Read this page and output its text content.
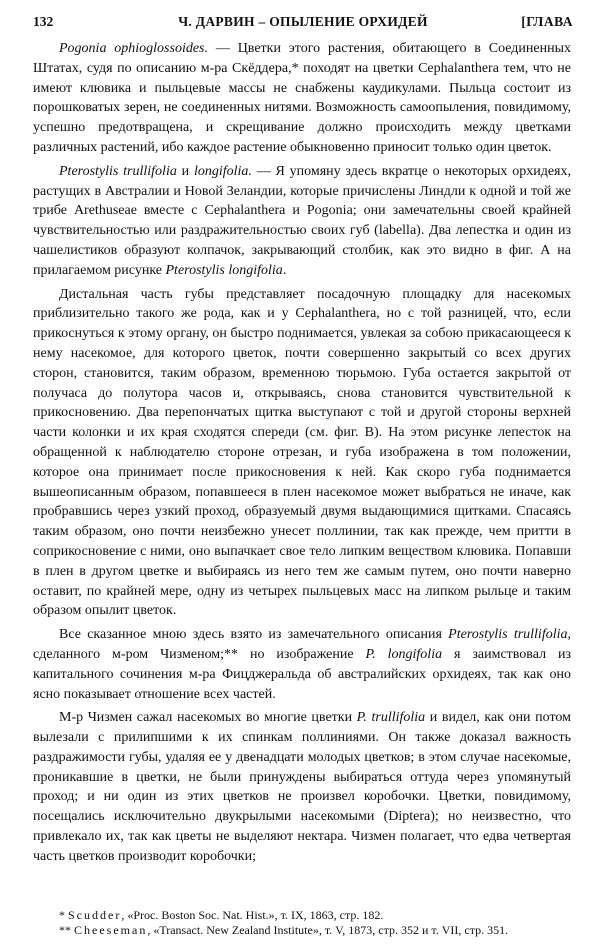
132	Ч. ДАРВИН – ОПЫЛЕНИЕ ОРХИДЕЙ	[ГЛАВА

Pogonia ophioglossoides. — Цветки этого растения, обитающего в Соединенных Штатах, судя по описанию м-ра Скёддера,* походят на цветки Cephalanthera тем, что не имеют клювика и пыльцевые массы не снабжены каудикулами. Пыльца состоит из порошковатых зерен, не соединенных нитями. Возможность самоопыления, повидимому, успешно предотвращена, и скрещивание должно происходить между цветками различных растений, ибо каждое растение обыкновенно приносит только один цветок.

Pterostylis trullifolia и longifolia. — Я упомяну здесь вкратце о некоторых орхидеях, растущих в Австралии и Новой Зеландии, которые причислены Линдли к одной и той же трибе Arethuseae вместе с Cephalanthera и Pogonia; они замечательны своей крайней чувствительностью или раздражительностью своих губ (labella). Два лепестка и один из чашелистиков образуют колпачок, закрывающий столбик, как это видно в фиг. А на прилагаемом рисунке Pterostylis longifolia.

Дистальная часть губы представляет посадочную площадку для насекомых приблизительно такого же рода, как и у Cephalanthera, но с той разницей, что, если прикоснуться к этому органу, он быстро поднимается, увлекая за собою прикасающееся к нему насекомое, для которого цветок, почти совершенно закрытый со всех других сторон, становится, таким образом, временною тюрьмою. Губа остается закрытой от получаса до полутора часов и, открываясь, снова становится чувствительной к прикосновению. Два перепончатых щитка выступают с той и другой стороны верхней части колонки и их края сходятся спереди (см. фиг. В). На этом рисунке лепесток на обращенной к наблюдателю стороне отрезан, и губа изображена в том положении, которое она принимает после прикосновения к ней. Как скоро губа поднимается вышеописанным образом, попавшееся в плен насекомое может выбраться не иначе, как пробравшись через узкий проход, образуемый двумя выдающимися щитками. Спасаясь таким образом, оно почти неизбежно унесет поллинии, так как прежде, чем притти в соприкосновение с ними, оно выпачкает свое тело липким веществом клювика. Попавши в плен в другом цветке и выбираясь из него тем же самым путем, оно почти наверно оставит, по крайней мере, одну из четырех пыльцевых масс на липком рыльце и таким образом опылит цветок.

Все сказанное мною здесь взято из замечательного описания Pterostylis trullifolia, сделанного м-ром Чизменом;** но изображение P. longifolia я заимствовал из капитального сочинения м-ра Фицджеральда об австралийских орхидеях, так как оно ясно показывает отношение всех частей.

М-р Чизмен сажал насекомых во многие цветки P. trullifolia и видел, как они потом вылезали с прилипшими к их спинкам поллиниями. Он также доказал важность раздражимости губы, удаляя ее у двенадцати молодых цветков; в этом случае насекомые, проникавшие в цветки, не были принуждены выбираться оттуда через упомянутый проход; и ни один из этих цветков не произвел коробочки. Цветки, повидимому, посещались исключительно двукрылыми насекомыми (Diptera); но неизвестно, что привлекало их, так как цветы не выделяют нектара. Чизмен полагает, что едва четвертая часть цветков производит коробочки;

* Scudder, «Proc. Boston Soc. Nat. Hist.», т. IX, 1863, стр. 182.

** Cheeseman, «Transact. New Zealand Institute», т. V, 1873, стр. 352 и т. VII, стр. 351.
